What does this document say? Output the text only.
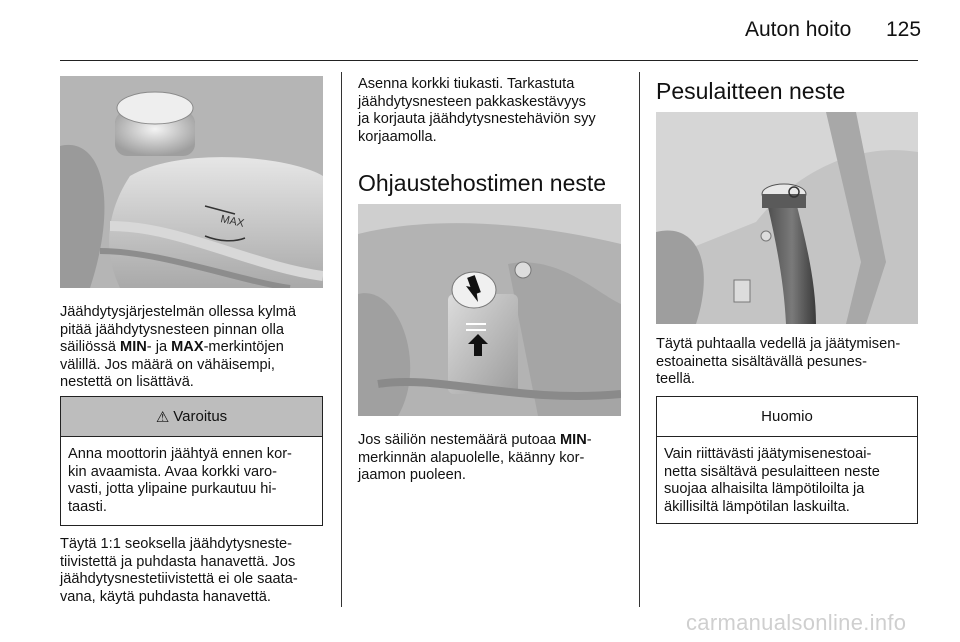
Auton hoito 125
MAX

Jäähdytysjärjestelmän ollessa kylmä
pitää jäähdytysnesteen pinnan olla
säiliössä MIN- ja MAX-merkintöjen
välillä. Jos määrä on vähäisempi,
nestettä on lisättävä.

⚠ Varoitus
Anna moottorin jäähtyä ennen kor-
kin avaamista. Avaa korkki varo-
vasti, jotta ylipaine purkautuu hi-
taasti.

Täytä 1:1 seoksella jäähdytysneste-
tiivistettä ja puhdasta hanavettä. Jos
jäähdytysnestetiivistettä ei ole saata-
vana, käytä puhdasta hanavettä.

Asenna korkki tiukasti. Tarkastuta
jäähdytysnesteen pakkaskestävyys
ja korjauta jäähdytysnestehäviön syy
korjaamolla.

Ohjaustehostimen neste

Jos säiliön nestemäärä putoaa MIN-
merkinnän alapuolelle, käänny kor-
jaamon puoleen.

Pesulaitteen neste

Täytä puhtaalla vedellä ja jäätymisen-
estoainetta sisältävällä pesunes-
teellä.

Huomio
Vain riittävästi jäätymisenestoai-
netta sisältävä pesulaitteen neste
suojaa alhaisilta lämpötiloilta ja
äkillisiltä lämpötilan laskuilta.
carmanualsonline.info
